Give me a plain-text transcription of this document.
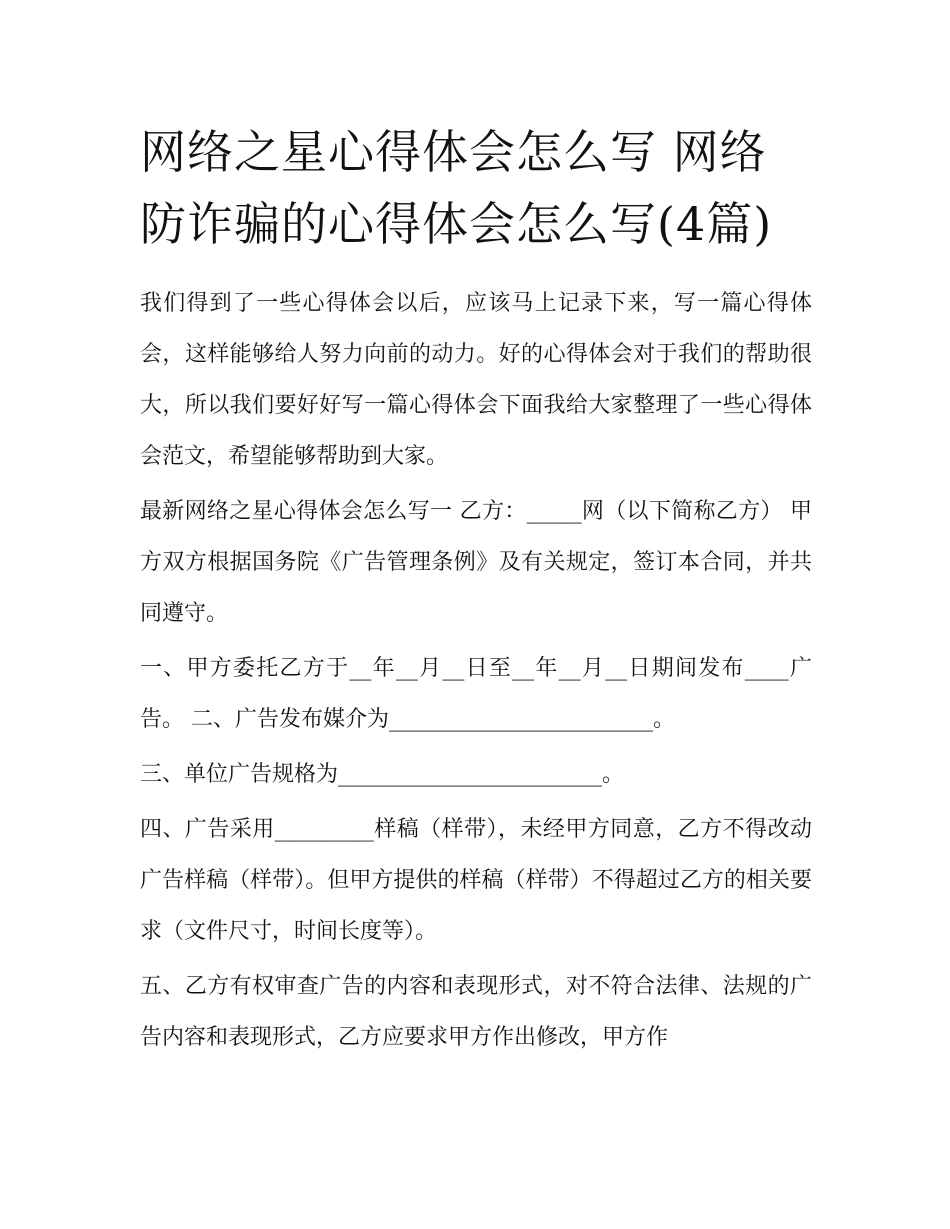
网络之星心得体会怎么写 网络防诈骗的心得体会怎么写(4篇)

我们得到了一些心得体会以后，应该马上记录下来，写一篇心得体会，这样能够给人努力向前的动力。好的心得体会对于我们的帮助很大，所以我们要好好写一篇心得体会下面我给大家整理了一些心得体会范文，希望能够帮助到大家。

最新网络之星心得体会怎么写一 乙方：_____网（以下简称乙方） 甲方双方根据国务院《广告管理条例》及有关规定，签订本合同，并共同遵守。

一、甲方委托乙方于__年__月__日至__年__月__日期间发布____广告。 二、广告发布媒介为________________________。

三、单位广告规格为________________________。

四、广告采用_________样稿（样带），未经甲方同意，乙方不得改动广告样稿（样带）。但甲方提供的样稿（样带）不得超过乙方的相关要求（文件尺寸，时间长度等）。

五、乙方有权审查广告的内容和表现形式，对不符合法律、法规的广告内容和表现形式，乙方应要求甲方作出修改，甲方作
